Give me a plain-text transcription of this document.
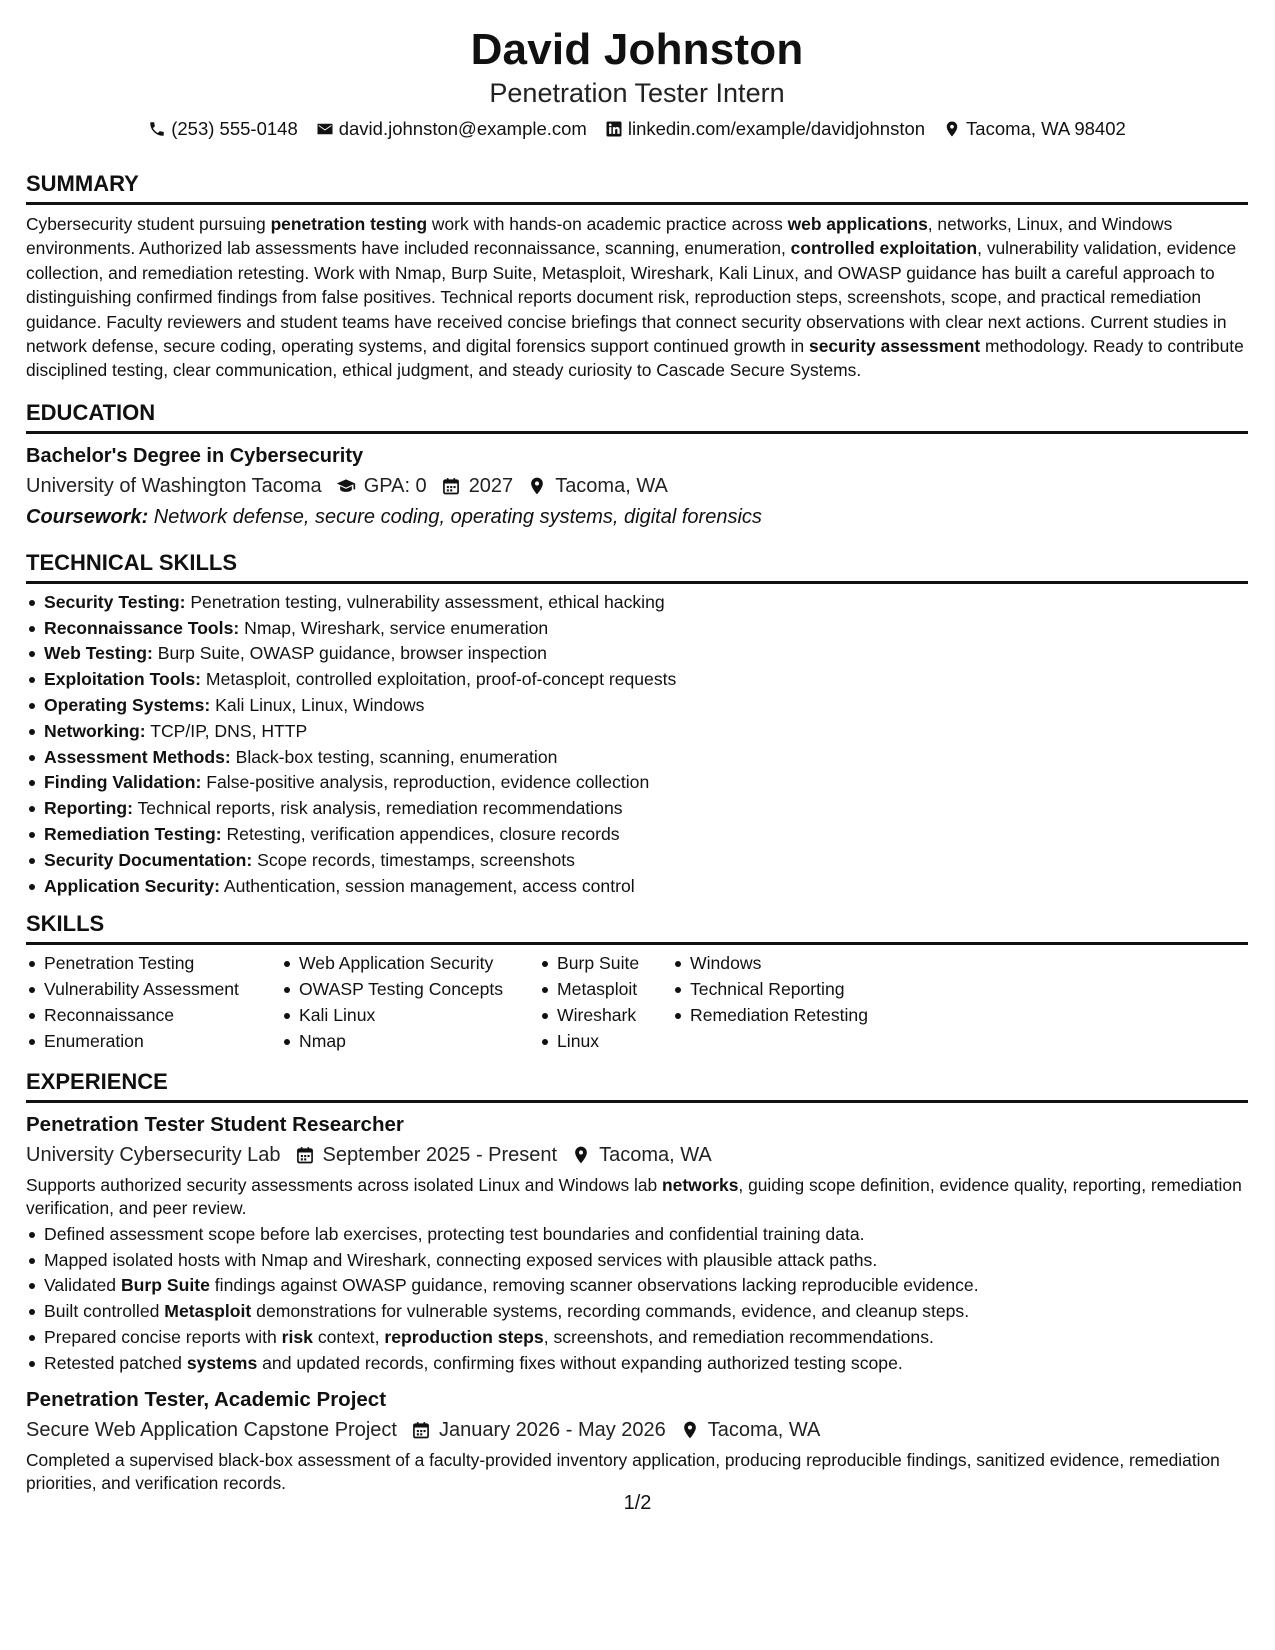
David Johnston
Penetration Tester Intern
(253) 555-0148 david.johnston@example.com linkedin.com/example/davidjohnston Tacoma, WA 98402
SUMMARY
Cybersecurity student pursuing penetration testing work with hands-on academic practice across web applications, networks, Linux, and Windows environments. Authorized lab assessments have included reconnaissance, scanning, enumeration, controlled exploitation, vulnerability validation, evidence collection, and remediation retesting. Work with Nmap, Burp Suite, Metasploit, Wireshark, Kali Linux, and OWASP guidance has built a careful approach to distinguishing confirmed findings from false positives. Technical reports document risk, reproduction steps, screenshots, scope, and practical remediation guidance. Faculty reviewers and student teams have received concise briefings that connect security observations with clear next actions. Current studies in network defense, secure coding, operating systems, and digital forensics support continued growth in security assessment methodology. Ready to contribute disciplined testing, clear communication, ethical judgment, and steady curiosity to Cascade Secure Systems.
EDUCATION
Bachelor's Degree in Cybersecurity
University of Washington Tacoma GPA: 0 2027 Tacoma, WA
Coursework: Network defense, secure coding, operating systems, digital forensics
TECHNICAL SKILLS
Security Testing: Penetration testing, vulnerability assessment, ethical hacking
Reconnaissance Tools: Nmap, Wireshark, service enumeration
Web Testing: Burp Suite, OWASP guidance, browser inspection
Exploitation Tools: Metasploit, controlled exploitation, proof-of-concept requests
Operating Systems: Kali Linux, Linux, Windows
Networking: TCP/IP, DNS, HTTP
Assessment Methods: Black-box testing, scanning, enumeration
Finding Validation: False-positive analysis, reproduction, evidence collection
Reporting: Technical reports, risk analysis, remediation recommendations
Remediation Testing: Retesting, verification appendices, closure records
Security Documentation: Scope records, timestamps, screenshots
Application Security: Authentication, session management, access control
SKILLS
Penetration Testing
Vulnerability Assessment
Reconnaissance
Enumeration
Web Application Security
OWASP Testing Concepts
Kali Linux
Nmap
Burp Suite
Metasploit
Wireshark
Linux
Windows
Technical Reporting
Remediation Retesting
EXPERIENCE
Penetration Tester Student Researcher
University Cybersecurity Lab September 2025 - Present Tacoma, WA
Supports authorized security assessments across isolated Linux and Windows lab networks, guiding scope definition, evidence quality, reporting, remediation verification, and peer review.
Defined assessment scope before lab exercises, protecting test boundaries and confidential training data.
Mapped isolated hosts with Nmap and Wireshark, connecting exposed services with plausible attack paths.
Validated Burp Suite findings against OWASP guidance, removing scanner observations lacking reproducible evidence.
Built controlled Metasploit demonstrations for vulnerable systems, recording commands, evidence, and cleanup steps.
Prepared concise reports with risk context, reproduction steps, screenshots, and remediation recommendations.
Retested patched systems and updated records, confirming fixes without expanding authorized testing scope.
Penetration Tester, Academic Project
Secure Web Application Capstone Project January 2026 - May 2026 Tacoma, WA
Completed a supervised black-box assessment of a faculty-provided inventory application, producing reproducible findings, sanitized evidence, remediation priorities, and verification records.
1/2
